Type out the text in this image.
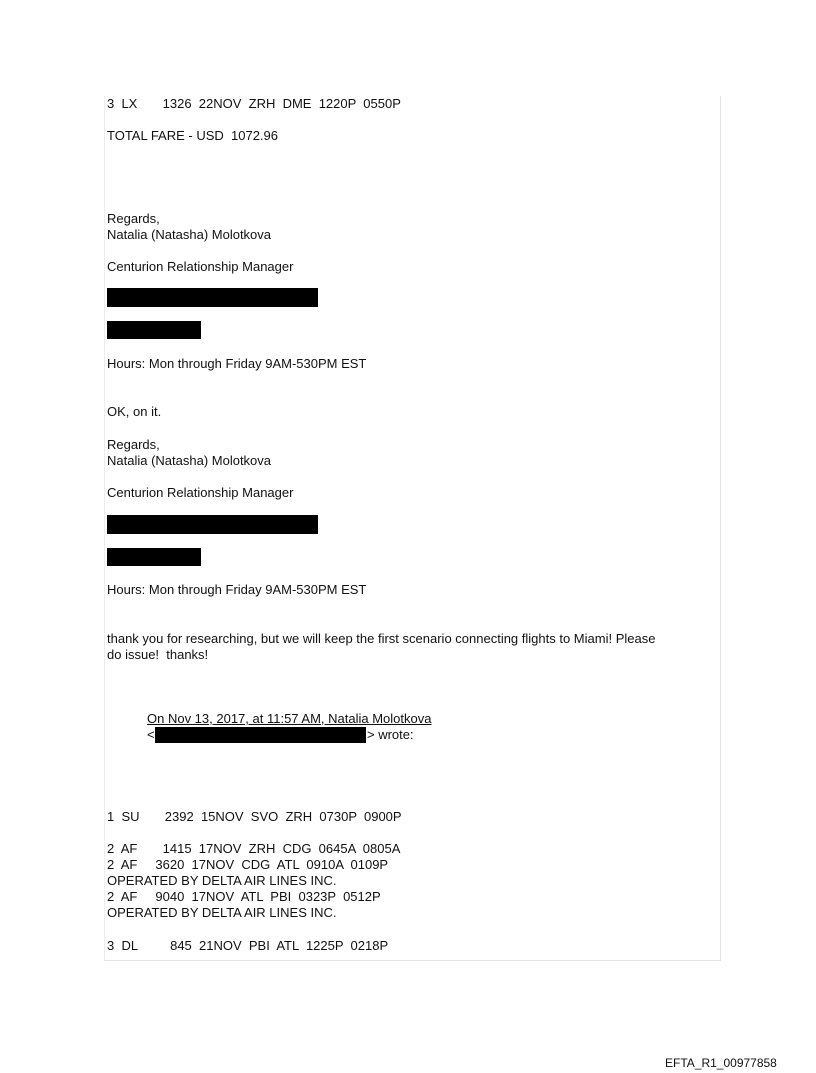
3  LX       1326  22NOV  ZRH  DME  1220P  0550P
TOTAL FARE - USD  1072.96
Regards,
Natalia (Natasha) Molotkova
Centurion Relationship Manager
Hours: Mon through Friday 9AM-530PM EST
OK, on it.
Regards,
Natalia (Natasha) Molotkova
Centurion Relationship Manager
Hours: Mon through Friday 9AM-530PM EST
thank you for researching, but we will keep the first scenario connecting flights to Miami! Please
do issue!  thanks!
On Nov 13, 2017, at 11:57 AM, Natalia Molotkova
<	> wrote:
1  SU       2392  15NOV  SVO  ZRH  0730P  0900P
2  AF       1415  17NOV  ZRH  CDG  0645A  0805A
2  AF     3620  17NOV  CDG  ATL  0910A  0109P
OPERATED BY DELTA AIR LINES INC.
2  AF     9040  17NOV  ATL  PBI  0323P  0512P
OPERATED BY DELTA AIR LINES INC.
3  DL         845  21NOV  PBI  ATL  1225P  0218P
EFTA_R1_00977858
